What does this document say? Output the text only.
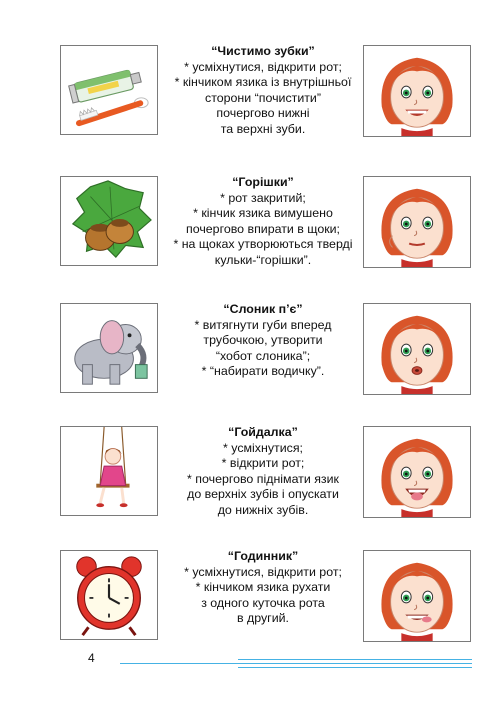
“Чистимо зубки”
* усміхнутися, відкрити рот;
* кінчиком язика із внутрішньої
сторони “почистити”
почергово нижні
та верхні зуби.
“Горішки”
* рот закритий;
* кінчик язика вимушено
почергово впирати в щоки;
* на щоках утворюються тверді
кульки-“горішки”.
“Слоник п’є”
* витягнути губи вперед
трубочкою, утворити
“хобот слоника”;
* “набирати водичку”.
“Гойдалка”
* усміхнутися;
* відкрити рот;
* почергово піднімати язик
до верхніх зубів і опускати
до нижніх зубів.
“Годинник”
* усміхнутися, відкрити рот;
* кінчиком язика рухати
з одного куточка рота
в другий.
4
